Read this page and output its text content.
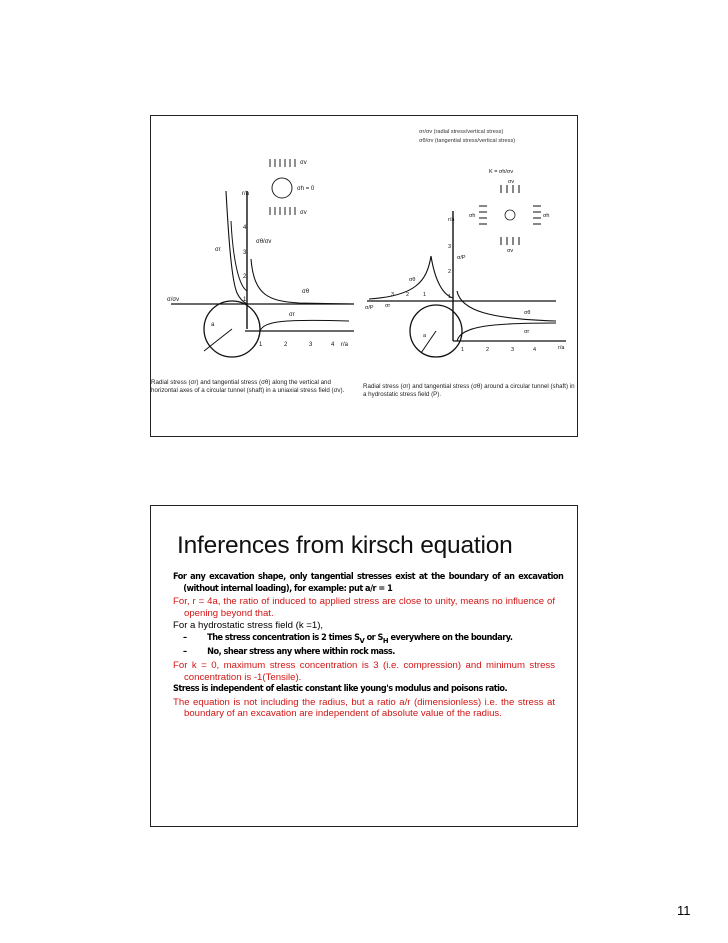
σr/σv (radial stress/vertical stress)
σθ/σv (tangential stress/vertical stress)
σv
σh = 0
σv
r/a
4
3
2
1
σθ/σv
σ/σv
1	2	3	4 r/a
a
σr
σθ
σr
K = σh/σv
σv
σh	σh
σv
r/a
3
2
1
σ/P
σ/P
3 2	1
1	2	3	4	r/a
a
σθ
σθ
σr
σr
Radial stress (σr) and tangential stress (σθ) along the vertical and horizontal axes of a circular tunnel (shaft) in a uniaxial stress field (σv).
Radial stress (σr) and tangential stress (σθ) around a circular tunnel (shaft) in a hydrostatic stress field (P).
Inferences from kirsch equation

For any excavation shape, only tangential stresses exist at the boundary of an excavation (without internal loading), for example: put a/r = 1

For, r = 4a, the ratio of induced to applied stress are close to unity, means no influence of opening beyond that.

For a hydrostatic stress field (k =1),

– The stress concentration is 2 times $S_V$ or $S_H$ everywhere on the boundary.

– No, shear stress any where within rock mass.

For k = 0, maximum stress concentration is 3 (i.e. compression) and minimum stress concentration is -1(Tensile).

Stress is independent of elastic constant like young's modulus and poisons ratio.

The equation is not including the radius, but a ratio a/r (dimensionless) i.e. the stress at boundary of an excavation are independent of absolute value of the radius.

11
